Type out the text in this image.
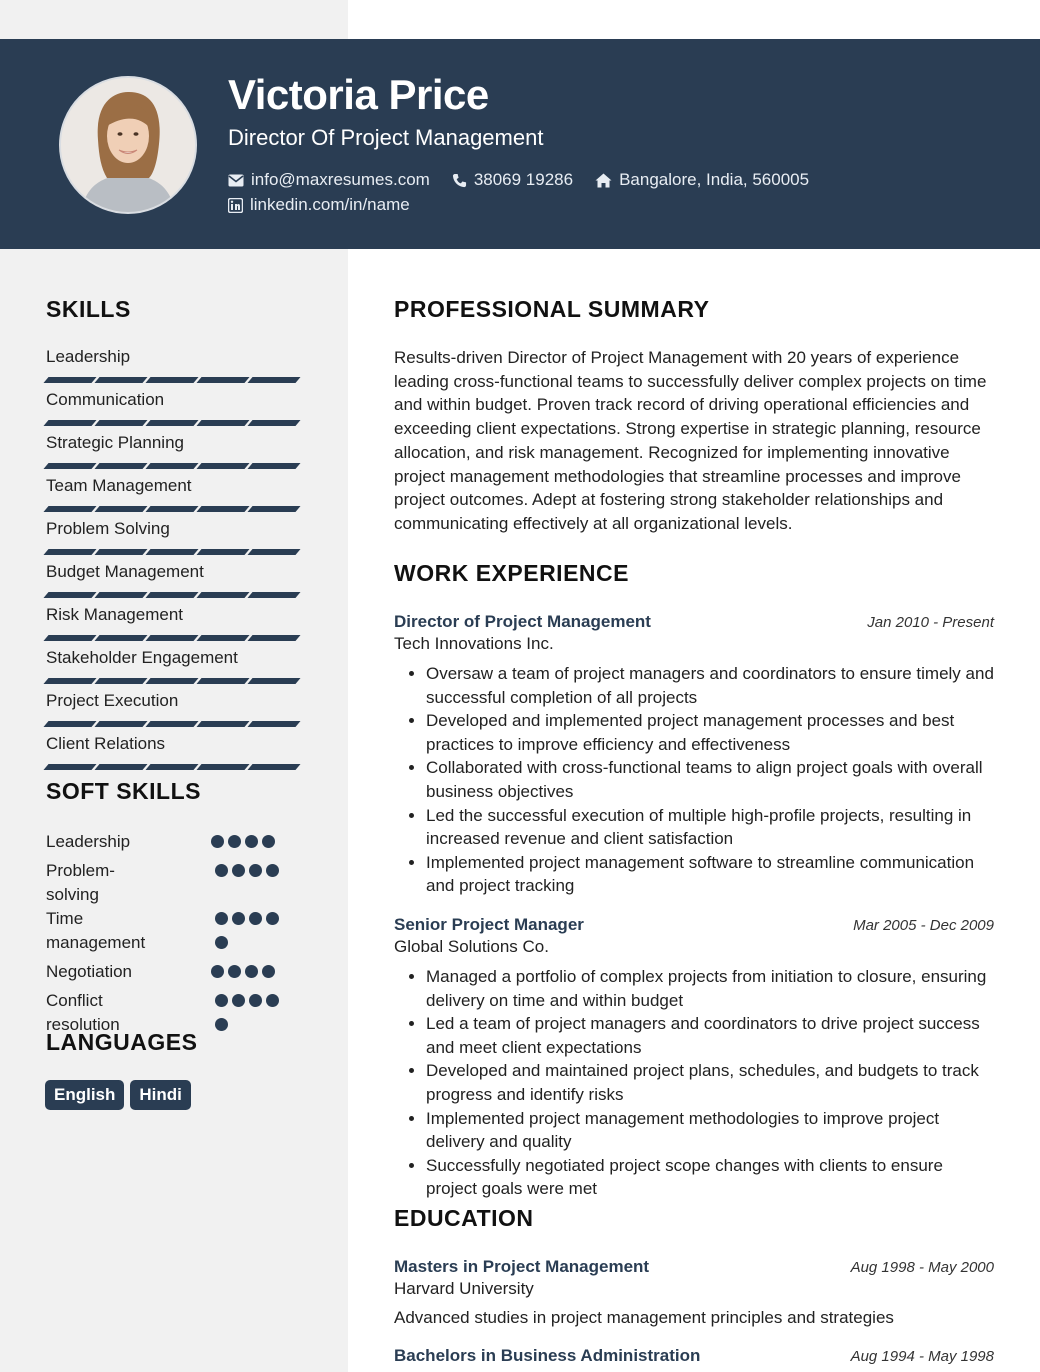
Victoria Price
Director Of Project Management
info@maxresumes.com	38069 19286	Bangalore, India, 560005
linkedin.com/in/name
SKILLS
Leadership
Communication
Strategic Planning
Team Management
Problem Solving
Budget Management
Risk Management
Stakeholder Engagement
Project Execution
Client Relations
SOFT SKILLS
Leadership
Problem-solving
Time management
Negotiation
Conflict resolution
LANGUAGES
English	Hindi
PROFESSIONAL SUMMARY

Results-driven Director of Project Management with 20 years of experience leading cross-functional teams to successfully deliver complex projects on time and within budget. Proven track record of driving operational efficiencies and exceeding client expectations. Strong expertise in strategic planning, resource allocation, and risk management. Recognized for implementing innovative project management methodologies that streamline processes and improve project outcomes. Adept at fostering strong stakeholder relationships and communicating effectively at all organizational levels.

WORK EXPERIENCE
Director of Project Management	Jan 2010 - Present
Tech Innovations Inc.
• Oversaw a team of project managers and coordinators to ensure timely and successful completion of all projects
• Developed and implemented project management processes and best practices to improve efficiency and effectiveness
• Collaborated with cross-functional teams to align project goals with overall business objectives
• Led the successful execution of multiple high-profile projects, resulting in increased revenue and client satisfaction
• Implemented project management software to streamline communication and project tracking
Senior Project Manager	Mar 2005 - Dec 2009
Global Solutions Co.
• Managed a portfolio of complex projects from initiation to closure, ensuring delivery on time and within budget
• Led a team of project managers and coordinators to drive project success and meet client expectations
• Developed and maintained project plans, schedules, and budgets to track progress and identify risks
• Implemented project management methodologies to improve project delivery and quality
• Successfully negotiated project scope changes with clients to ensure project goals were met
EDUCATION
Masters in Project Management	Aug 1998 - May 2000
Harvard University
Advanced studies in project management principles and strategies
Bachelors in Business Administration	Aug 1994 - May 1998
